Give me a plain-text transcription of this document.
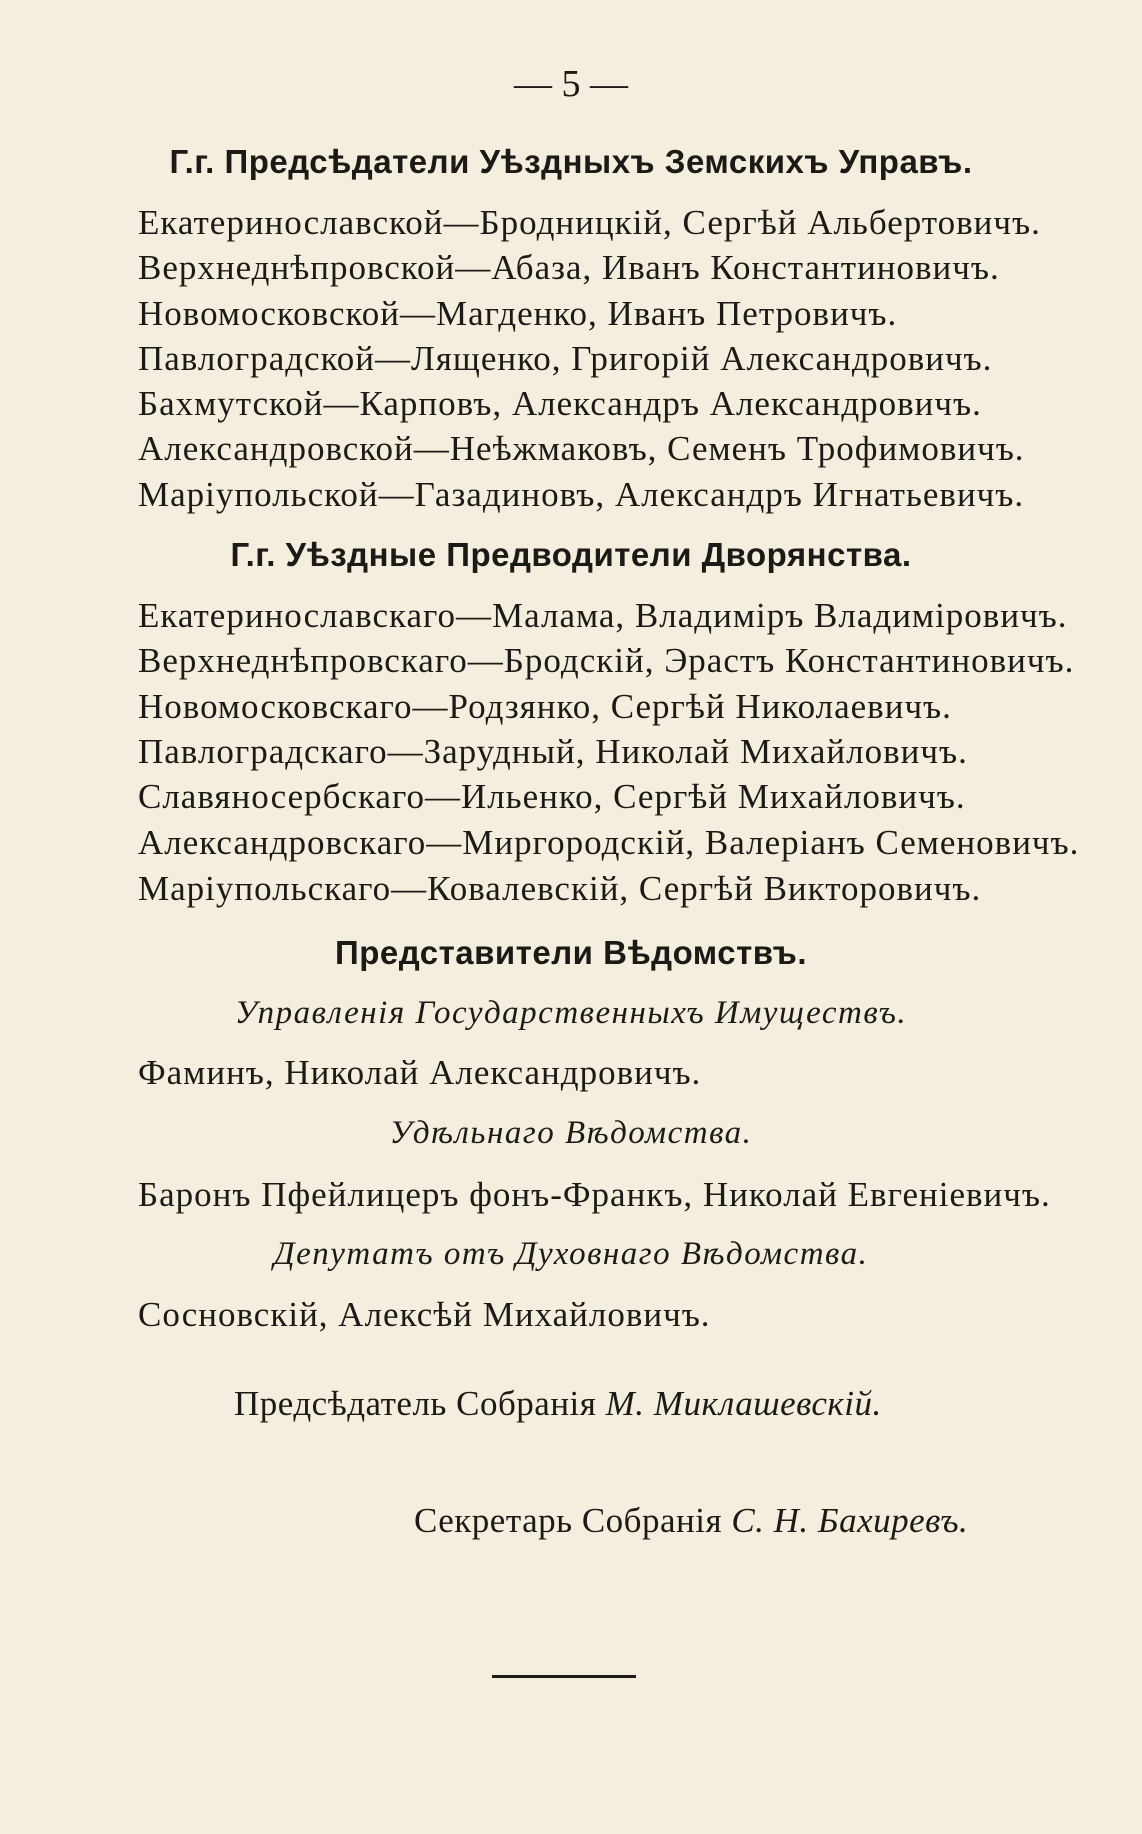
— 5 —
Г.г. Предсѣдатели Уѣздныхъ Земскихъ Управъ.
Екатеринославской—Бродницкій, Сергѣй Альбертовичъ.
Верхнеднѣпровской—Абаза, Иванъ Константиновичъ.
Новомосковской—Магденко, Иванъ Петровичъ.
Павлоградской—Лященко, Григорій Александровичъ.
Бахмутской—Карповъ, Александръ Александровичъ.
Александровской—Неѣжмаковъ, Семенъ Трофимовичъ.
Маріупольской—Газадиновъ, Александръ Игнатьевичъ.
Г.г. Уѣздные Предводители Дворянства.
Екатеринославскаго—Малама, Владиміръ Владиміровичъ.
Верхнеднѣпровскаго—Бродскій, Эрастъ Константиновичъ.
Новомосковскаго—Родзянко, Сергѣй Николаевичъ.
Павлоградскаго—Зарудный, Николай Михайловичъ.
Славяносербскаго—Ильенко, Сергѣй Михайловичъ.
Александровскаго—Миргородскій, Валеріанъ Семеновичъ.
Маріупольскаго—Ковалевскій, Сергѣй Викторовичъ.
Представители Вѣдомствъ.
Управленія Государственныхъ Имуществъ.
Фаминъ, Николай Александровичъ.
Удѣльнаго Вѣдомства.
Баронъ Пфейлицеръ фонъ-Франкъ, Николай Евгеніевичъ.
Депутатъ отъ Духовнаго Вѣдомства.
Сосновскій, Алексѣй Михайловичъ.
Предсѣдатель Собранія М. Миклашевскій.
Секретарь Собранія С. Н. Бахиревъ.
